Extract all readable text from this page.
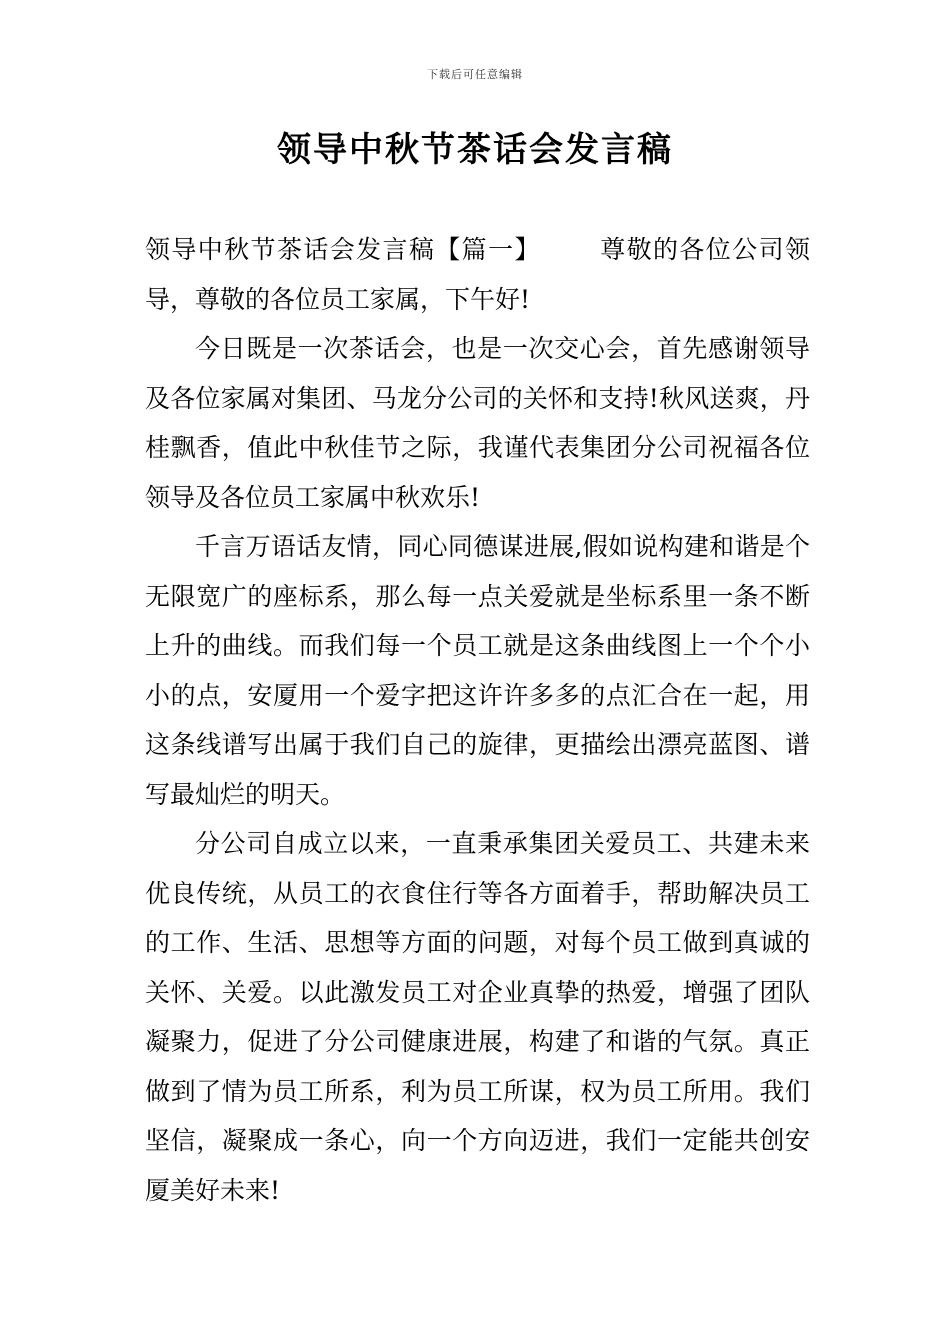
下载后可任意编辑
领导中秋节茶话会发言稿

领导中秋节茶话会发言稿【篇一】 尊敬的各位公司领导，尊敬的各位员工家属，下午好!

今日既是一次茶话会，也是一次交心会，首先感谢领导及各位家属对集团、马龙分公司的关怀和支持!秋风送爽，丹桂飘香，值此中秋佳节之际，我谨代表集团分公司祝福各位领导及各位员工家属中秋欢乐!

千言万语话友情，同心同德谋进展,假如说构建和谐是个无限宽广的座标系，那么每一点关爱就是坐标系里一条不断上升的曲线。而我们每一个员工就是这条曲线图上一个个小小的点，安厦用一个爱字把这许许多多的点汇合在一起，用这条线谱写出属于我们自己的旋律，更描绘出漂亮蓝图、谱写最灿烂的明天。

分公司自成立以来，一直秉承集团关爱员工、共建未来优良传统，从员工的衣食住行等各方面着手，帮助解决员工的工作、生活、思想等方面的问题，对每个员工做到真诚的关怀、关爱。以此激发员工对企业真挚的热爱，增强了团队凝聚力，促进了分公司健康进展，构建了和谐的气氛。真正做到了情为员工所系，利为员工所谋，权为员工所用。我们坚信，凝聚成一条心，向一个方向迈进，我们一定能共创安厦美好未来!
